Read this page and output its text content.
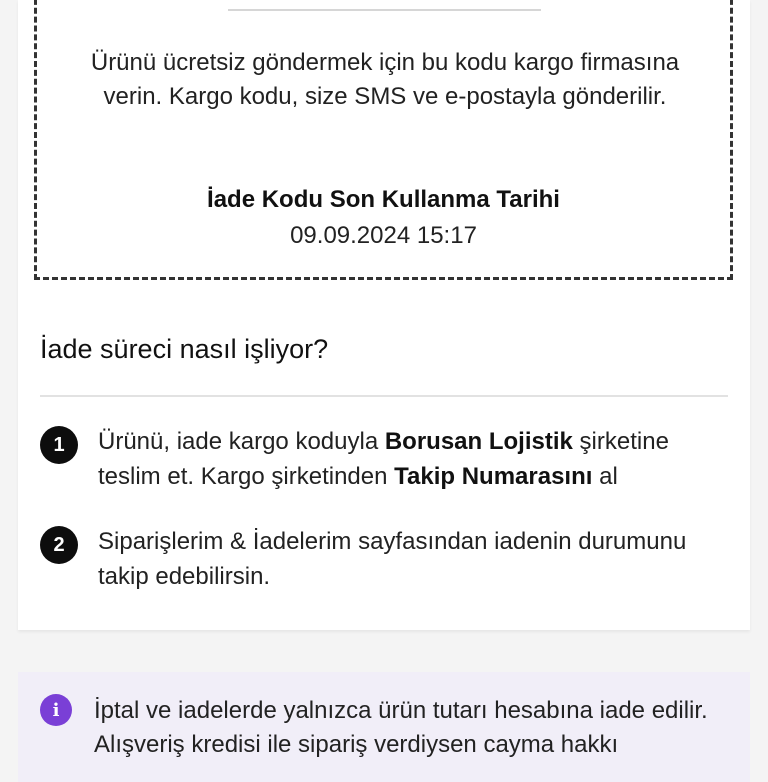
Ürünü ücretsiz göndermek için bu kodu kargo firmasına verin. Kargo kodu, size SMS ve e-postayla gönderilir.
İade Kodu Son Kullanma Tarihi
09.09.2024 15:17
İade süreci nasıl işliyor?
1	Ürünü, iade kargo koduyla Borusan Lojistik şirketine teslim et. Kargo şirketinden Takip Numarasını al
2	Siparişlerim & İadelerim sayfasından iadenin durumunu takip edebilirsin.
i	İptal ve iadelerde yalnızca ürün tutarı hesabına iade edilir. Alışveriş kredisi ile sipariş verdiysen cayma hakkı
